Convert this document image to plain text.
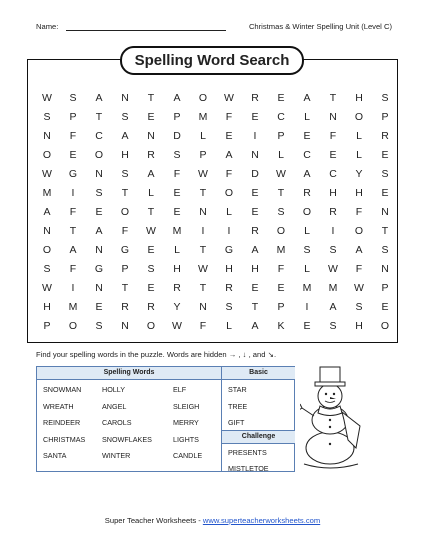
Name:	Christmas & Winter Spelling Unit (Level C)
Spelling Word Search
W S A N T A O W R E A T H S
S P T S E P M F E C L N O P
N F C A N D L E I P E F L R
O E O H R S P A N L C E L E
W G N S A F W F D W A C Y S
M I S T L E T O E T R H H E
A F E O T E N L E S O R F N
N T A F W M I I R O L I O T
O A N G E L T G A M S S A S
S F G P S H W H H F L W F N
W I N T E R T R E E M M W P
H M E R R Y N S T P I A S E
P O S N O W F L A K E S H O
Find your spelling words in the puzzle. Words are hidden → , ↓ , and ↘.
Spelling Words
SNOWMAN	HOLLY	ELF
WREATH	ANGEL	SLEIGH
REINDEER	CAROLS	MERRY
CHRISTMAS SNOWFLAKES	LIGHTS
SANTA	WINTER	CANDLE
Basic
Challenge
STAR
TREE
GIFT
PRESENTS
MISTLETOE
Super Teacher Worksheets - www.superteacherworksheets.com
